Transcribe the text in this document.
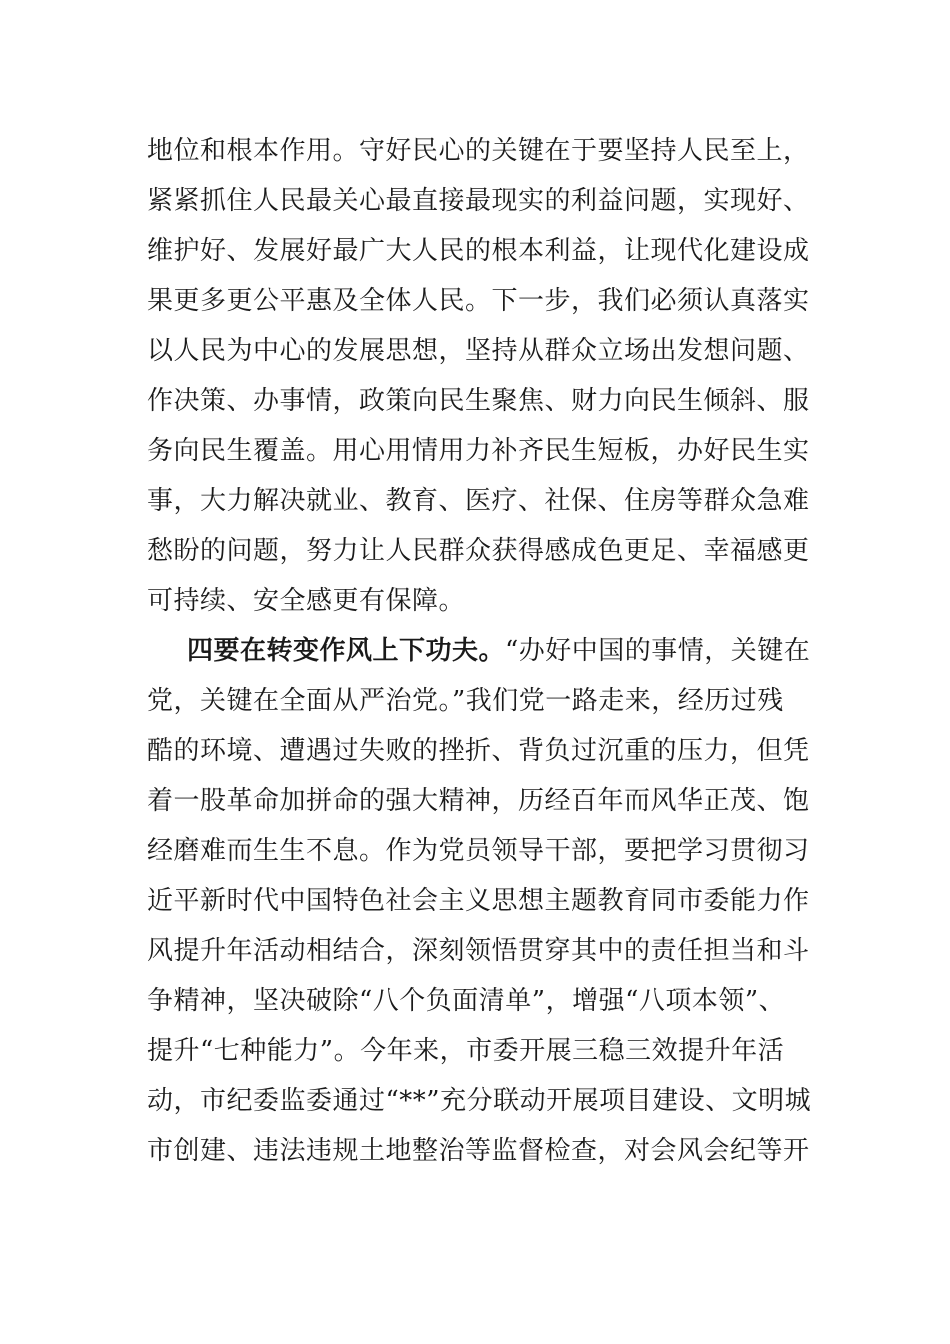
地位和根本作用。守好民心的关键在于要坚持人民至上，
紧紧抓住人民最关心最直接最现实的利益问题，实现好、
维护好、发展好最广大人民的根本利益，让现代化建设成
果更多更公平惠及全体人民。下一步，我们必须认真落实
以人民为中心的发展思想，坚持从群众立场出发想问题、
作决策、办事情，政策向民生聚焦、财力向民生倾斜、服
务向民生覆盖。用心用情用力补齐民生短板，办好民生实
事，大力解决就业、教育、医疗、社保、住房等群众急难
愁盼的问题，努力让人民群众获得感成色更足、幸福感更
可持续、安全感更有保障。
四要在转变作风上下功夫。“办好中国的事情，关键在
党，关键在全面从严治党。”我们党一路走来，经历过残
酷的环境、遭遇过失败的挫折、背负过沉重的压力，但凭
着一股革命加拼命的强大精神，历经百年而风华正茂、饱
经磨难而生生不息。作为党员领导干部，要把学习贯彻习
近平新时代中国特色社会主义思想主题教育同市委能力作
风提升年活动相结合，深刻领悟贯穿其中的责任担当和斗
争精神，坚决破除“八个负面清单”，增强“八项本领”、
提升“七种能力”。今年来，市委开展三稳三效提升年活
动，市纪委监委通过“**”充分联动开展项目建设、文明城
市创建、违法违规土地整治等监督检查，对会风会纪等开
